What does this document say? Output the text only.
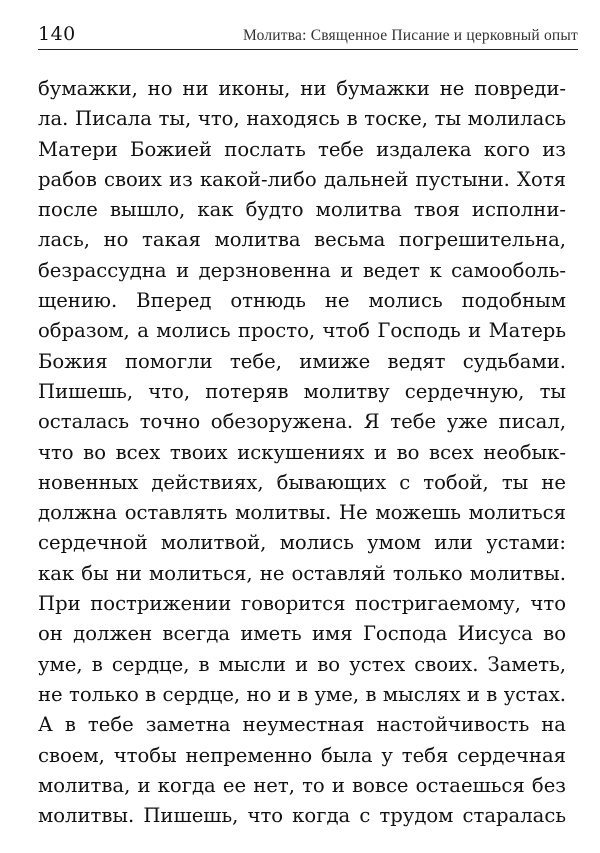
140	Молитва: Священное Писание и церковный опыт
бумажки, но ни иконы, ни бумажки не повреди-
ла. Писала ты, что, находясь в тоске, ты молилась
Матери Божией послать тебе издалека кого из
рабов своих из какой-либо дальней пустыни. Хотя
после вышло, как будто молитва твоя исполни-
лась, но такая молитва весьма погрешительна,
безрассудна и дерзновенна и ведет к самооболь-
щению. Вперед отнюдь не молись подобным
образом, а молись просто, чтоб Господь и Матерь
Божия помогли тебе, имиже ведят судьбами.
Пишешь, что, потеряв молитву сердечную, ты
осталась точно обезоружена. Я тебе уже писал,
что во всех твоих искушениях и во всех необык-
новенных действиях, бывающих с тобой, ты не
должна оставлять молитвы. Не можешь молиться
сердечной молитвой, молись умом или устами:
как бы ни молиться, не оставляй только молитвы.
При пострижении говорится постригаемому, что
он должен всегда иметь имя Господа Иисуса во
уме, в сердце, в мысли и во устех своих. Заметь,
не только в сердце, но и в уме, в мыслях и в устах.
А в тебе заметна неуместная настойчивость на
своем, чтобы непременно была у тебя сердечная
молитва, и когда ее нет, то и вовсе остаешься без
молитвы. Пишешь, что когда с трудом старалась
